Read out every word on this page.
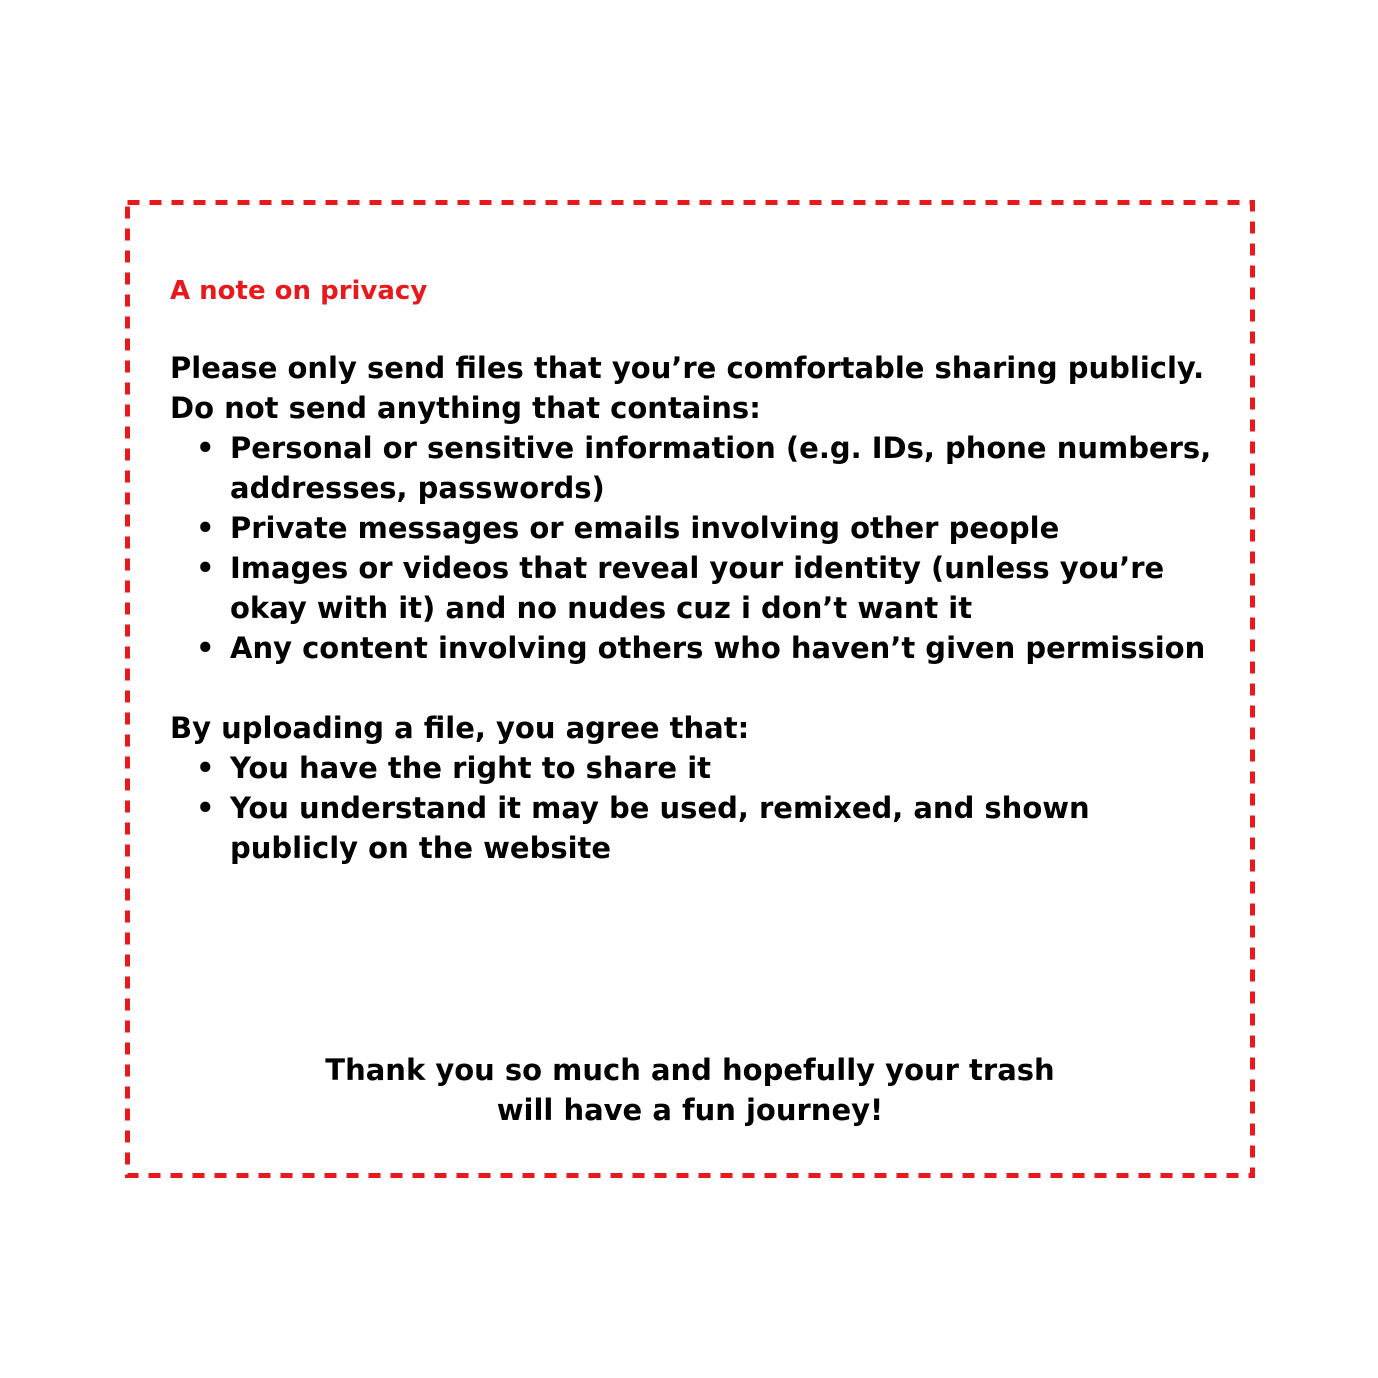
A note on privacy

Please only send files that you’re comfortable sharing publicly.

Do not send anything that contains:

• Personal or sensitive information (e.g. IDs, phone numbers, addresses, passwords)
• Private messages or emails involving other people
• Images or videos that reveal your identity (unless you’re okay with it) and no nudes cuz i don’t want it
• Any content involving others who haven’t given permission

By uploading a file, you agree that:

• You have the right to share it
• You understand it may be used, remixed, and shown publicly on the website

Thank you so much and hopefully your trash

will have a fun journey!
